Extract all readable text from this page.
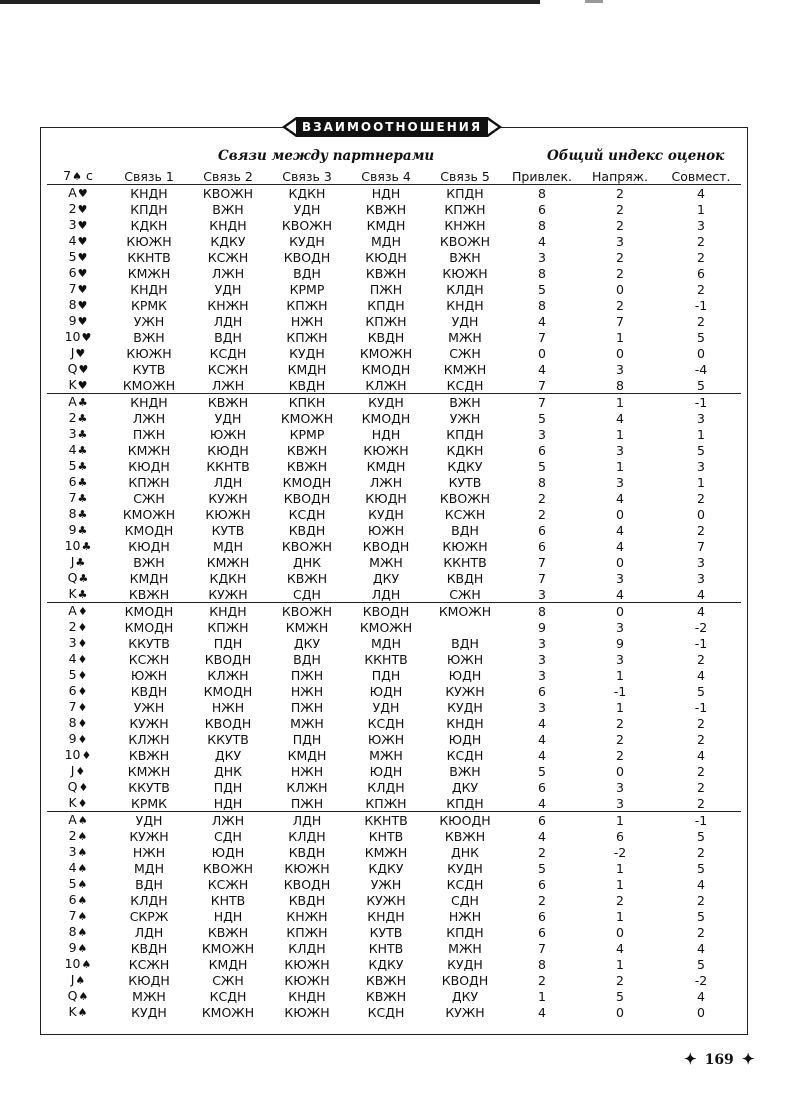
ВЗАИМООТНОШЕНИЯ
Связи между партнерами	Общий индекс оценок
7♠ с	Связь 1	Связь 2	Связь 3	Связь 4	Связь 5	Привлек.	Напряж.	Совмест.
A♥	КНДН	КВОЖН	КДКН	НДН	КПДН	8	2	4
2♥	КПДН	ВЖН	УДН	КВЖН	КПЖН	6	2	1
3♥	КДКН	КНДН	КВОЖН	КМДН	КНЖН	8	2	3
4♥	КЮЖН	КДКУ	КУДН	МДН	КВОЖН	4	3	2
5♥	ККНТВ	КСЖН	КВОДН	КЮДН	ВЖН	3	2	2
6♥	КМЖН	ЛЖН	ВДН	КВЖН	КЮЖН	8	2	6
7♥	КНДН	УДН	КРМР	ПЖН	КЛДН	5	0	2
8♥	КРМК	КНЖН	КПЖН	КПДН	КНДН	8	2	-1
9♥	УЖН	ЛДН	НЖН	КПЖН	УДН	4	7	2
10♥	ВЖН	ВДН	КПЖН	КВДН	МЖН	7	1	5
J♥	КЮЖН	КСДН	КУДН	КМОЖН	СЖН	0	0	0
Q♥	КУТВ	КСЖН	КМДН	КМОДН	КМЖН	4	3	-4
K♥	КМОЖН	ЛЖН	КВДН	КЛЖН	КСДН	7	8	5
A♣	КНДН	КВЖН	КПКН	КУДН	ВЖН	7	1	-1
2♣	ЛЖН	УДН	КМОЖН	КМОДН	УЖН	5	4	3
3♣	ПЖН	ЮЖН	КРМР	НДН	КПДН	3	1	1
4♣	КМЖН	КЮДН	КВЖН	КЮЖН	КДКН	6	3	5
5♣	КЮДН	ККНТВ	КВЖН	КМДН	КДКУ	5	1	3
6♣	КПЖН	ЛДН	КМОДН	ЛЖН	КУТВ	8	3	1
7♣	СЖН	КУЖН	КВОДН	КЮДН	КВОЖН	2	4	2
8♣	КМОЖН	КЮЖН	КСДН	КУДН	КСЖН	2	0	0
9♣	КМОДН	КУТВ	КВДН	ЮЖН	ВДН	6	4	2
10♣	КЮДН	МДН	КВОЖН	КВОДН	КЮЖН	6	4	7
J♣	ВЖН	КМЖН	ДНК	МЖН	ККНТВ	7	0	3
Q♣	КМДН	КДКН	КВЖН	ДКУ	КВДН	7	3	3
K♣	КВЖН	КУЖН	СДН	ЛДН	СЖН	3	4	4
A♦	КМОДН	КНДН	КВОЖН	КВОДН	КМОЖН	8	0	4
2♦	КМОДН	КПЖН	КМЖН	КМОЖН		9	3	-2
3♦	ККУТВ	ПДН	ДКУ	МДН	ВДН	3	9	-1
4♦	КСЖН	КВОДН	ВДН	ККНТВ	ЮЖН	3	3	2
5♦	ЮЖН	КЛЖН	ПЖН	ПДН	ЮДН	3	1	4
6♦	КВДН	КМОДН	НЖН	ЮДН	КУЖН	6	-1	5
7♦	УЖН	НЖН	ПЖН	УДН	КУДН	3	1	-1
8♦	КУЖН	КВОДН	МЖН	КСДН	КНДН	4	2	2
9♦	КЛЖН	ККУТВ	ПДН	ЮЖН	ЮДН	4	2	2
10♦	КВЖН	ДКУ	КМДН	МЖН	КСДН	4	2	4
J♦	КМЖН	ДНК	НЖН	ЮДН	ВЖН	5	0	2
Q♦	ККУТВ	ПДН	КЛЖН	КЛДН	ДКУ	6	3	2
K♦	КРМК	НДН	ПЖН	КПЖН	КПДН	4	3	2
A♠	УДН	ЛЖН	ЛДН	ККНТВ	КЮОДН	6	1	-1
2♠	КУЖН	СДН	КЛДН	КНТВ	КВЖН	4	6	5
3♠	НЖН	ЮДН	КВДН	КМЖН	ДНК	2	-2	2
4♠	МДН	КВОЖН	КЮЖН	КДКУ	КУДН	5	1	5
5♠	ВДН	КСЖН	КВОДН	УЖН	КСДН	6	1	4
6♠	КЛДН	КНТВ	КВДН	КУЖН	СДН	2	2	2
7♠	СКРЖ	НДН	КНЖН	КНДН	НЖН	6	1	5
8♠	ЛДН	КВЖН	КПЖН	КУТВ	КПДН	6	0	2
9♠	КВДН	КМОЖН	КЛДН	КНТВ	МЖН	7	4	4
10♠	КСЖН	КМДН	КЮЖН	КДКУ	КУДН	8	1	5
J♠	КЮДН	СЖН	КЮЖН	КВЖН	КВОДН	2	2	-2
Q♠	МЖН	КСДН	КНДН	КВЖН	ДКУ	1	5	4
K♠	КУДН	КМОЖН	КЮЖН	КСДН	КУЖН	4	0	0
✦ 169 ✦
